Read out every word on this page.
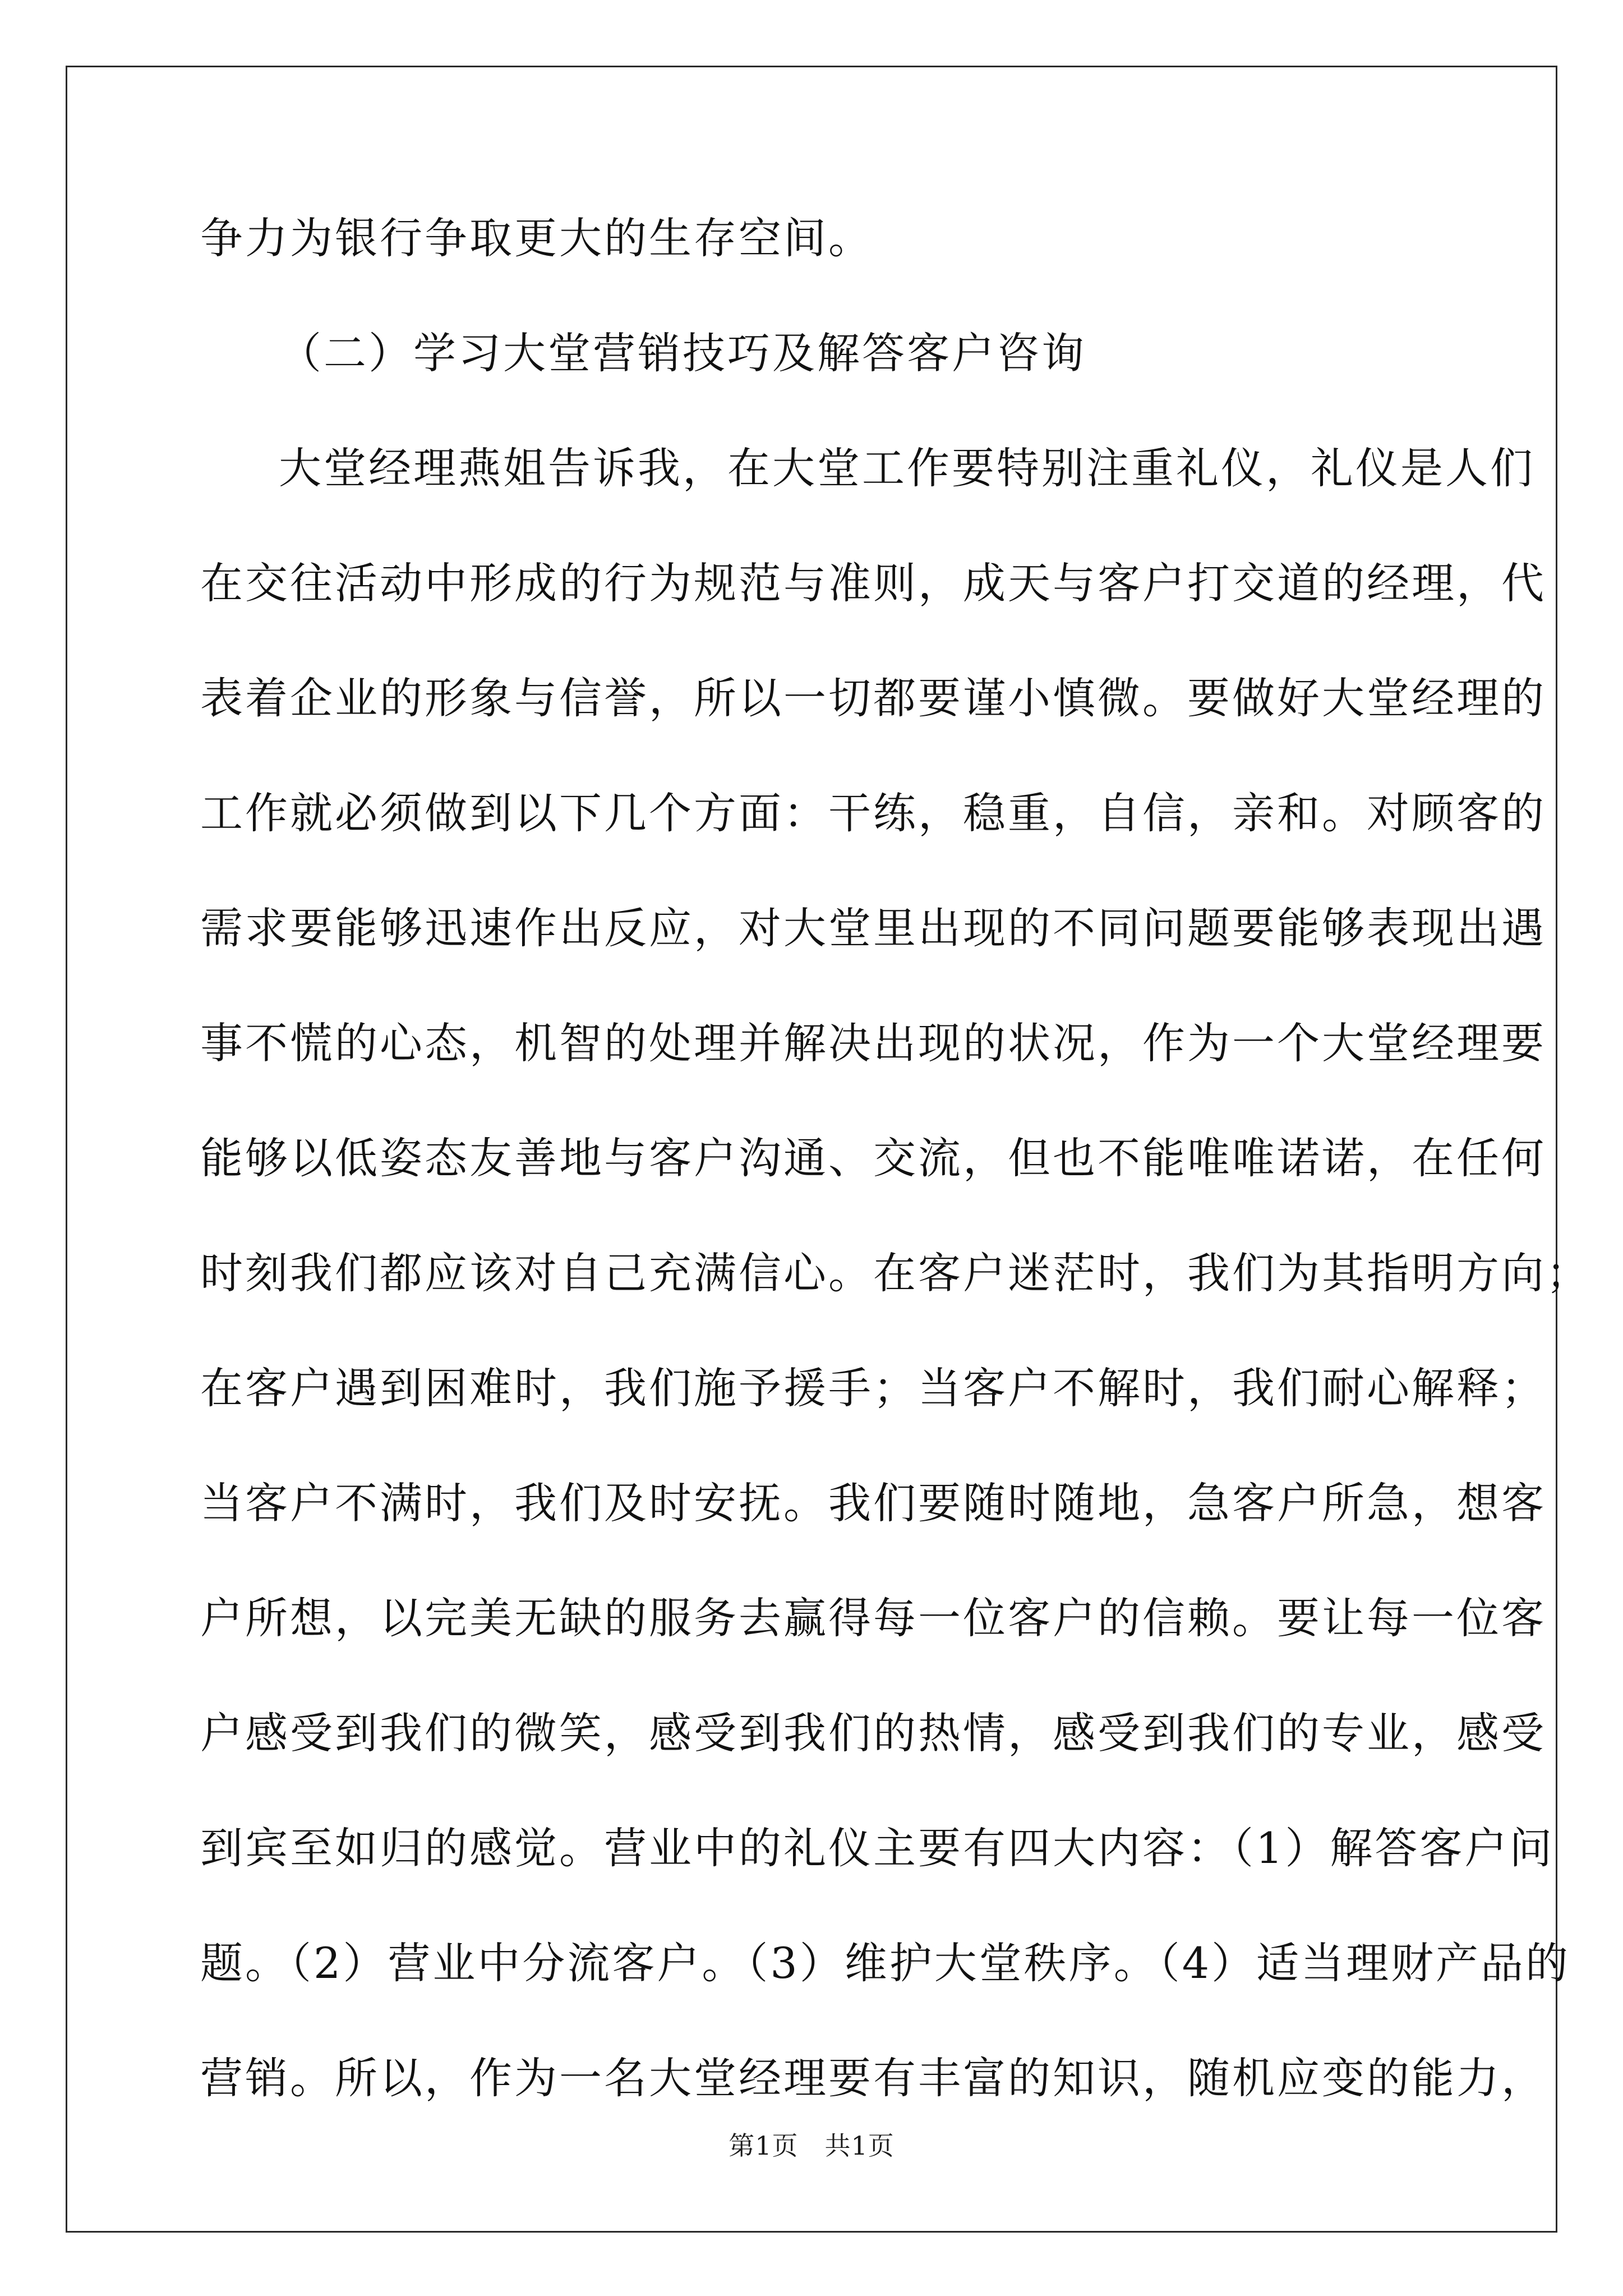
争力为银行争取更大的生存空间。
（二）学习大堂营销技巧及解答客户咨询
大堂经理燕姐告诉我，在大堂工作要特别注重礼仪，礼仪是人们
在交往活动中形成的行为规范与准则，成天与客户打交道的经理，代
表着企业的形象与信誉，所以一切都要谨小慎微。要做好大堂经理的
工作就必须做到以下几个方面：干练，稳重，自信，亲和。对顾客的
需求要能够迅速作出反应，对大堂里出现的不同问题要能够表现出遇
事不慌的心态，机智的处理并解决出现的状况，作为一个大堂经理要
能够以低姿态友善地与客户沟通、交流，但也不能唯唯诺诺，在任何
时刻我们都应该对自己充满信心。在客户迷茫时，我们为其指明方向；
在客户遇到困难时，我们施予援手；当客户不解时，我们耐心解释；
当客户不满时，我们及时安抚。我们要随时随地，急客户所急，想客
户所想，以完美无缺的服务去赢得每一位客户的信赖。要让每一位客
户感受到我们的微笑，感受到我们的热情，感受到我们的专业，感受
到宾至如归的感觉。营业中的礼仪主要有四大内容：（1）解答客户问
题。（2）营业中分流客户。（3）维护大堂秩序。（4）适当理财产品的
营销。所以，作为一名大堂经理要有丰富的知识，随机应变的能力，
第1页　共1页
